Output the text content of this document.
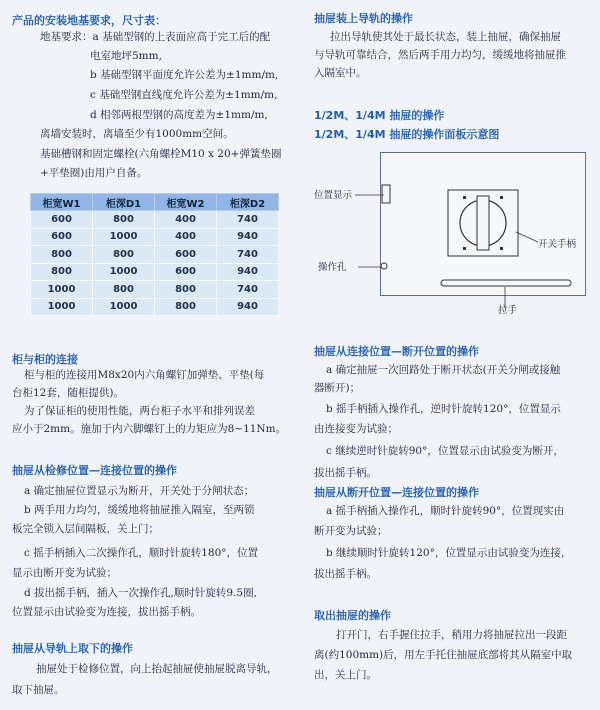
产品的安装地基要求，尺寸表：
地基要求：a 基础型钢的上表面应高于完工后的配
电室地坪5mm,
b 基础型钢平面度允许公差为±1mm/m,
c 基础型钢直线度允许公差为±1mm/m,
d 相邻两根型钢的高度差为±1mm/m,
离墙安装时，离墙至少有1000mm空间。
基础槽钢和固定螺栓(六角螺栓M10 x 20+弹簧垫圈
+平垫圈)由用户自备。
柜宽W1	柜深D1	柜宽W2	柜深D2
600	800	400	740
600	1000	400	940
800	800	600	740
800	1000	600	940
1000	800	800	740
1000	1000	800	940
柜与柜的连接
柜与柜的连接用M8x20内六角螺钉加弹垫、平垫(每
台柜12套，随柜提供)。
为了保证柜的使用性能，两台柜子水平和排列误差
应小于2mm。施加于内六脚螺钉上的力矩应为8~11Nm。
抽屉从检修位置—连接位置的操作
a 确定抽屉位置显示为断开，开关处于分闸状态；
b 两手用力均匀，缓缓地将抽屉推入隔室，至两锁
板完全锁入层间隔板，关上门；
c 摇手柄插入二次操作孔，顺时针旋转180°，位置
显示由断开变为试验；
d 拔出摇手柄，插入一次操作孔,顺时针旋转9.5圈,
位置显示由试验变为连接，拔出摇手柄。
抽屉从导轨上取下的操作
抽屉处于检修位置，向上抬起抽屉使抽屉脱离导轨，
取下抽屉。
抽屉装上导轨的操作
拉出导轨使其处于最长状态，装上抽屉，确保抽屉
与导轨可靠结合，然后两手用力均匀，缓缓地将抽屉推
入隔室中。
1/2M、1/4M 抽屉的操作
1/2M、1/4M 抽屉的操作面板示意图
位置显示
开关手柄
操作孔
拉手
抽屉从连接位置—断开位置的操作
a 确定抽屉一次回路处于断开状态(开关分闸或接触
器断开)；
b 摇手柄插入操作孔，逆时针旋转120°，位置显示
由连接变为试验；
c 继续逆时针旋转90°，位置显示由试验变为断开，
拔出摇手柄。
抽屉从断开位置—连接位置的操作
a 摇手柄插入操作孔，顺时针旋转90°，位置现实由
断开变为试验；
b 继续顺时针旋转120°，位置显示由试验变为连接，
拔出摇手柄。
取出抽屉的操作
打开门，右手握住拉手，稍用力将抽屉拉出一段距
离(约100mm)后，用左手托住抽屉底部将其从隔室中取
出，关上门。
